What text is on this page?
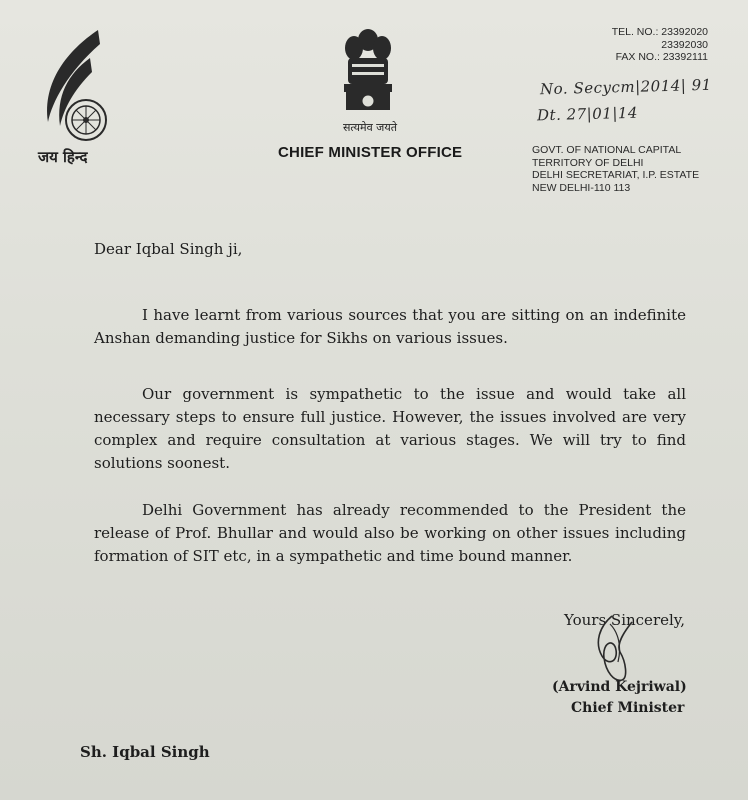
जय हिन्द
सत्यमेव जयते
CHIEF MINISTER OFFICE
TEL. NO.: 23392020
23392030
FAX NO.: 23392111
No. Secycm|2014| 91
Dt. 27|01|14
GOVT. OF NATIONAL CAPITAL
TERRITORY OF DELHI
DELHI SECRETARIAT, I.P. ESTATE
NEW DELHI-110 113
Dear Iqbal Singh ji,

I have learnt from various sources that you are sitting on an indefinite Anshan demanding justice for Sikhs on various issues.

Our government is sympathetic to the issue and would take all necessary steps to ensure full justice. However, the issues involved are very complex and require consultation at various stages. We will try to find solutions soonest.

Delhi Government has already recommended to the President the release of Prof. Bhullar and would also be working on other issues including formation of SIT etc, in a sympathetic and time bound manner.

Yours Sincerely,
(Arvind Kejriwal)
Chief Minister
Sh. Iqbal Singh
